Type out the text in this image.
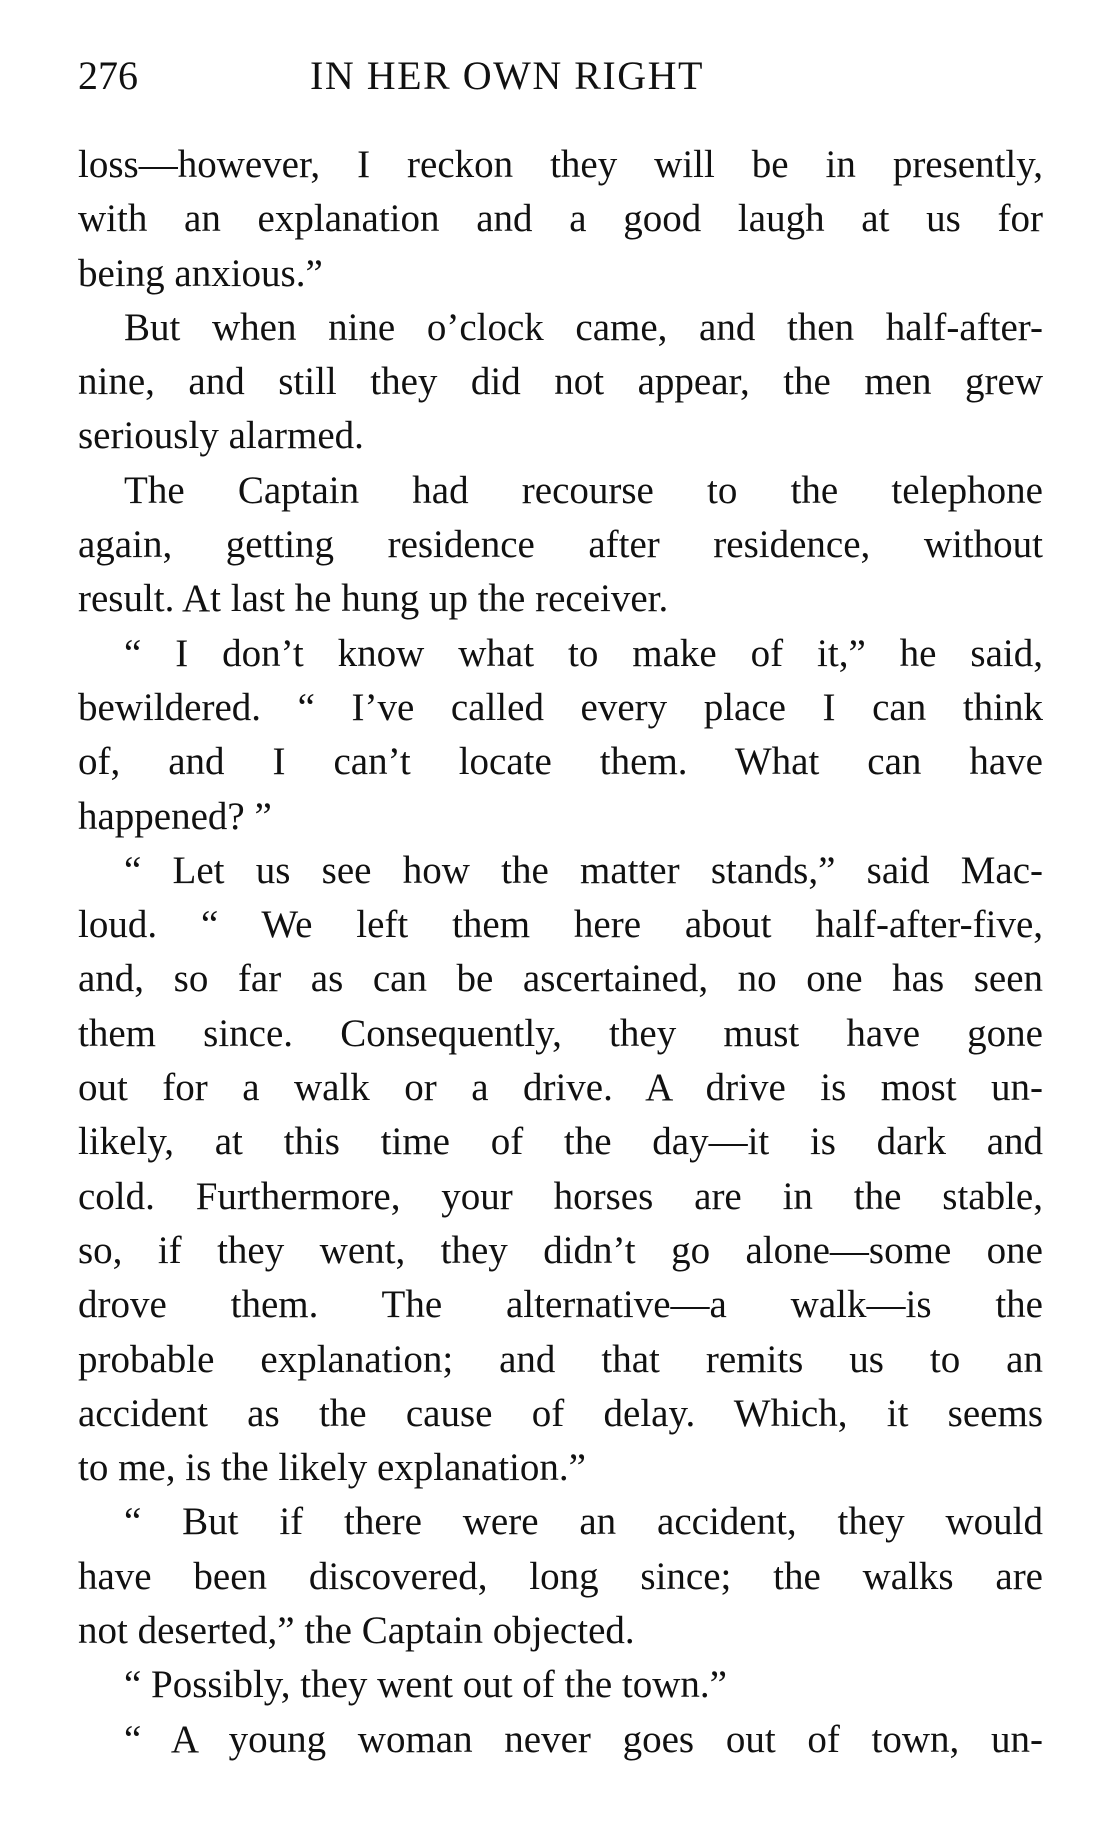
276	IN HER OWN RIGHT
loss—however, I reckon they will be in presently,
with an explanation and a good laugh at us for
being anxious.”
But when nine o’clock came, and then half-after-
nine, and still they did not appear, the men grew
seriously alarmed.
The Captain had recourse to the telephone
again, getting residence after residence, without
result. At last he hung up the receiver.
“ I don’t know what to make of it,” he said,
bewildered. “ I’ve called every place I can think
of, and I can’t locate them. What can have
happened? ”
“ Let us see how the matter stands,” said Mac-
loud. “ We left them here about half-after-five,
and, so far as can be ascertained, no one has seen
them since. Consequently, they must have gone
out for a walk or a drive. A drive is most un-
likely, at this time of the day—it is dark and
cold. Furthermore, your horses are in the stable,
so, if they went, they didn’t go alone—some one
drove them. The alternative—a walk—is the
probable explanation; and that remits us to an
accident as the cause of delay. Which, it seems
to me, is the likely explanation.”
“ But if there were an accident, they would
have been discovered, long since; the walks are
not deserted,” the Captain objected.
“ Possibly, they went out of the town.”
“ A young woman never goes out of town, un-
